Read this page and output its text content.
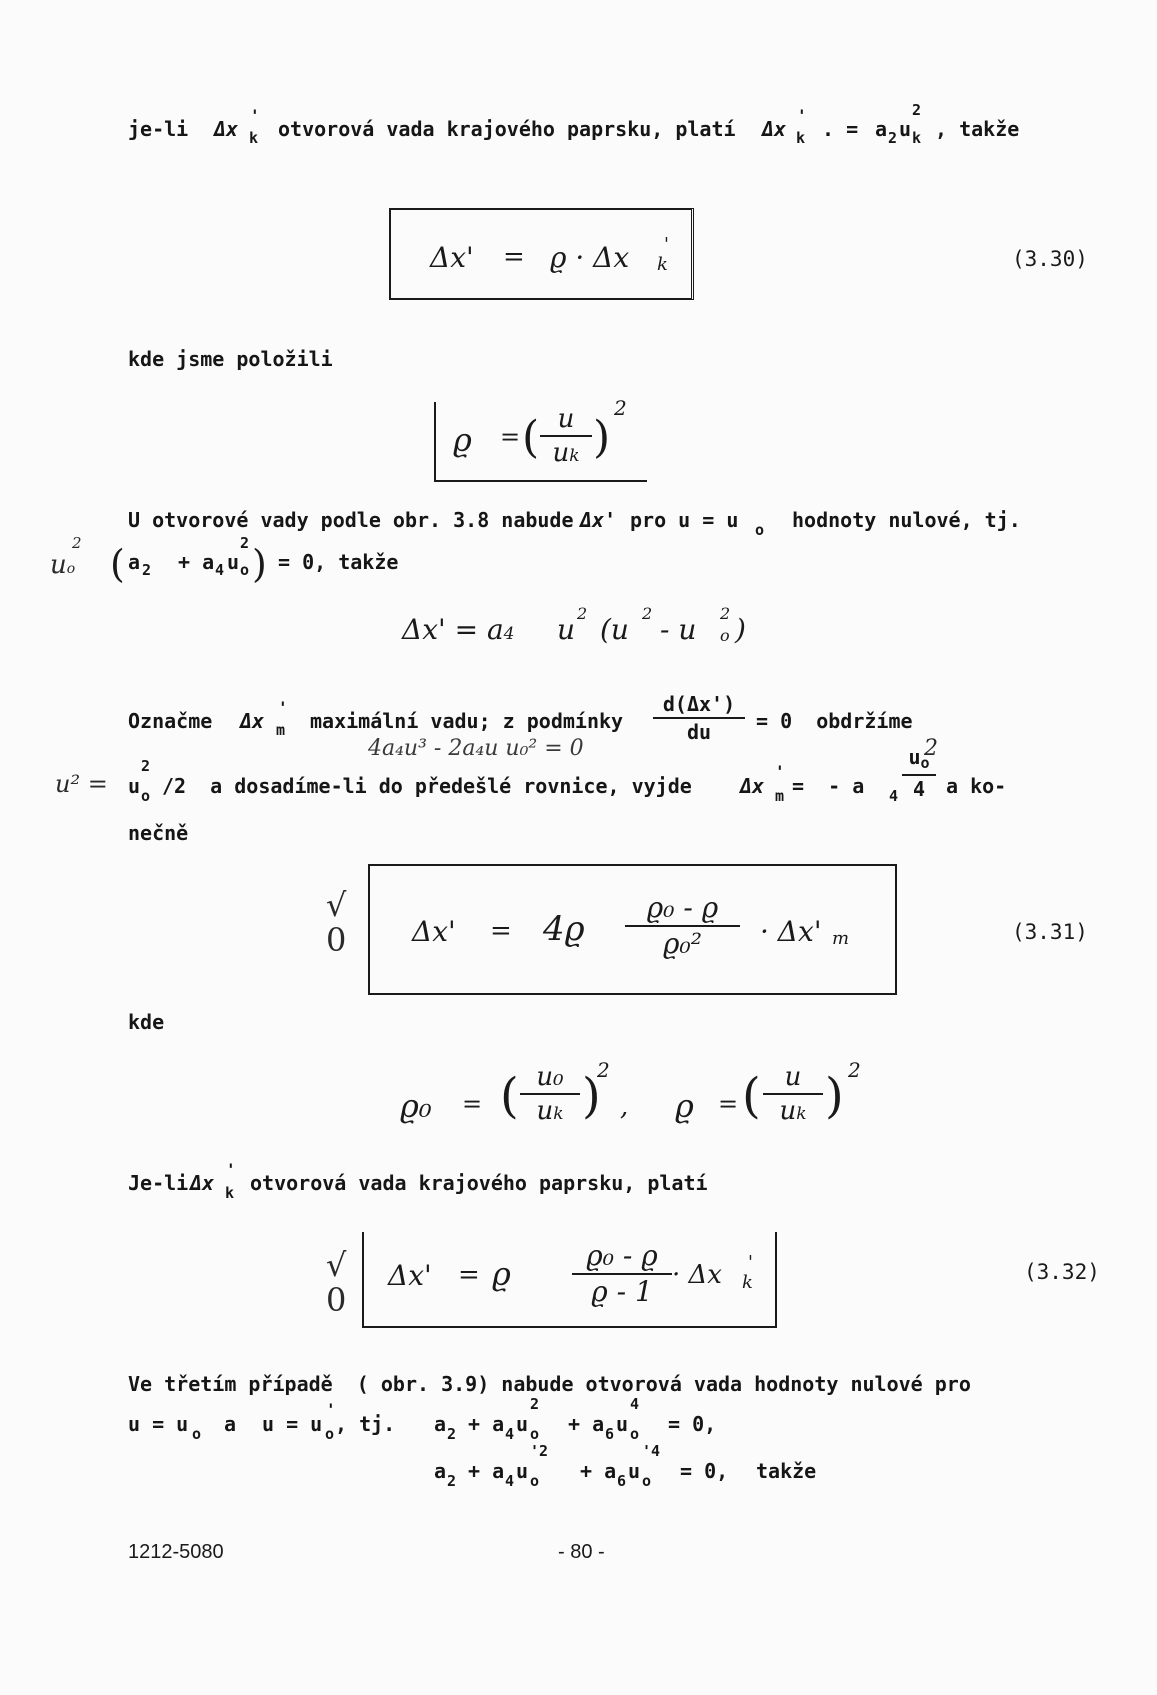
je-li Δx
'
k otvorová vada krajového paprsku, platí Δx
'
k . = a 2 u
2
k , takže
Δx' = ϱ · Δx k
'
(3.30)
kde jsme položili
ϱ = ( u
uk )
2
U otvorové vady podle obr. 3.8 nabude Δx' pro u = u o hodnoty nulové, tj.
uo
2 ( a 2 + a 4 u
2
o ) = 0, takže
Δx' = a4 u 2 (u 2 - u 2
o )
Označme Δx
'
m maximální vadu; z podmínky
d(Δx')
du = 0  obdržíme
4a₄u³ - 2a₄u u₀² = 0
u² = u
2
o /2  a dosadíme-li do předešlé rovnice, vyjde Δx
'
m =  - a 4
$u_o$
4
2
a ko-
nečně
√
0 Δx' = 4ϱ
ϱ₀ - ϱ
ϱ₀² · Δx' m	(3.31)
kde
ϱ₀ = ( u₀
uk )
2
, ϱ = ( u
uk ) 2
Je-li Δx
'
k otvorová vada krajového paprsku, platí
√
0
Δx' = ϱ	ϱ₀ - ϱ
ϱ - 1 · Δx k
'	(3.32)
Ve třetím případě  ( obr. 3.9) nabude otvorová vada hodnoty nulové pro
u = u o a u = u o
'
, tj. a 2 + a 4 u
2
o + a 6 u
4
o = 0,
a 2 + a 4 u
'2
o + a 6 u
'4
o = 0, takže
1212-5080	- 80 -
